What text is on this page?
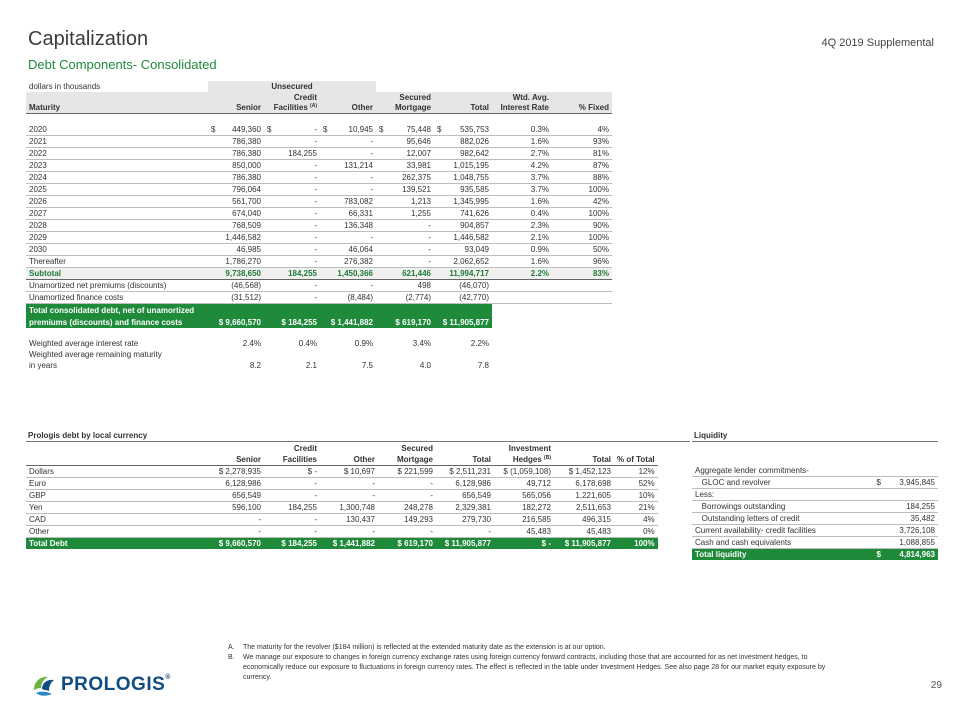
Capitalization
Debt Components- Consolidated
4Q 2019 Supplemental
dollars in thousands	Unsecured						
		Credit		Secured		Wtd. Avg.	
Maturity	Senior	Facilities $^{(A)}$	Other	Mortgage	Total	Interest Rate	% Fixed

2020	$ 449,360	$ -	$ 10,945	$ 75,448	$ 535,753	0.3%	4%
2021	786,380	-	-	95,646	882,026	1.6%	93%
2022	786,380	184,255	-	12,007	982,642	2.7%	81%
2023	850,000	-	131,214	33,981	1,015,195	4.2%	87%
2024	786,380	-	-	262,375	1,048,755	3.7%	88%
2025	796,064	-	-	139,521	935,585	3.7%	100%
2026	561,700	-	783,082	1,213	1,345,995	1.6%	42%
2027	674,040	-	66,331	1,255	741,626	0.4%	100%
2028	768,509	-	136,348	-	904,857	2.3%	90%
2029	1,446,582	-	-	-	1,446,582	2.1%	100%
2030	46,985	-	46,064	-	93,049	0.9%	50%
Thereafter	1,786,270	-	276,382	-	2,062,652	1.6%	96%
Subtotal	9,738,650	184,255	1,450,366	621,446	11,994,717	2.2%	83%
Unamortized net premiums (discounts)	(46,568)	-	-	498	(46,070)		
Unamortized finance costs	(31,512)	-	(8,484)	(2,774)	(42,770)		
Total consolidated debt, net of unamortized							
premiums (discounts) and finance costs	$ 9,660,570	$ 184,255	$ 1,441,882	$ 619,170	$ 11,905,877		

Weighted average interest rate	2.4%	0.4%	0.9%	3.4%	2.2%		
Weighted average remaining maturity							
in years	8.2	2.1	7.5	4.0	7.8		
Prologis debt by local currency	Liquidity
		Credit		Secured		Investment		
	Senior	Facilities	Other	Mortgage	Total	Hedges $^{(B)}$	Total	% of Total
Dollars	$ 2,278,935	$ -	$ 10,697	$ 221,599	$ 2,511,231	$ (1,059,108)	$ 1,452,123	12%
Euro	6,128,986	-	-	-	6,128,986	49,712	6,178,698	52%
GBP	656,549	-	-	-	656,549	565,056	1,221,605	10%
Yen	596,100	184,255	1,300,748	248,278	2,329,381	182,272	2,511,653	21%
CAD	-	-	130,437	149,293	279,730	216,585	496,315	4%
Other	-	-	-	-	-	45,483	45,483	0%
Total Debt	$ 9,660,570	$ 184,255	$ 1,441,882	$ 619,170	$ 11,905,877	$ -	$ 11,905,877	100%
Aggregate lender commitments-		
GLOC and revolver	$	3,945,845
Less:		
Borrowings outstanding		184,255
Outstanding letters of credit		35,482
Current availability- credit facilities		3,726,108
Cash and cash equivalents		1,088,855
Total liquidity	$	4,814,963
A. The maturity for the revolver ($184 million) is reflected at the extended maturity date as the extension is at our option.
B. We manage our exposure to changes in foreign currency exchange rates using foreign currency forward contracts, including those that are accounted for as net investment hedges, to economically reduce our exposure to fluctuations in foreign currency rates. The effect is reflected in the table under Investment Hedges. See also page 28 for our market equity exposure by currency.
PROLOGIS®
29
